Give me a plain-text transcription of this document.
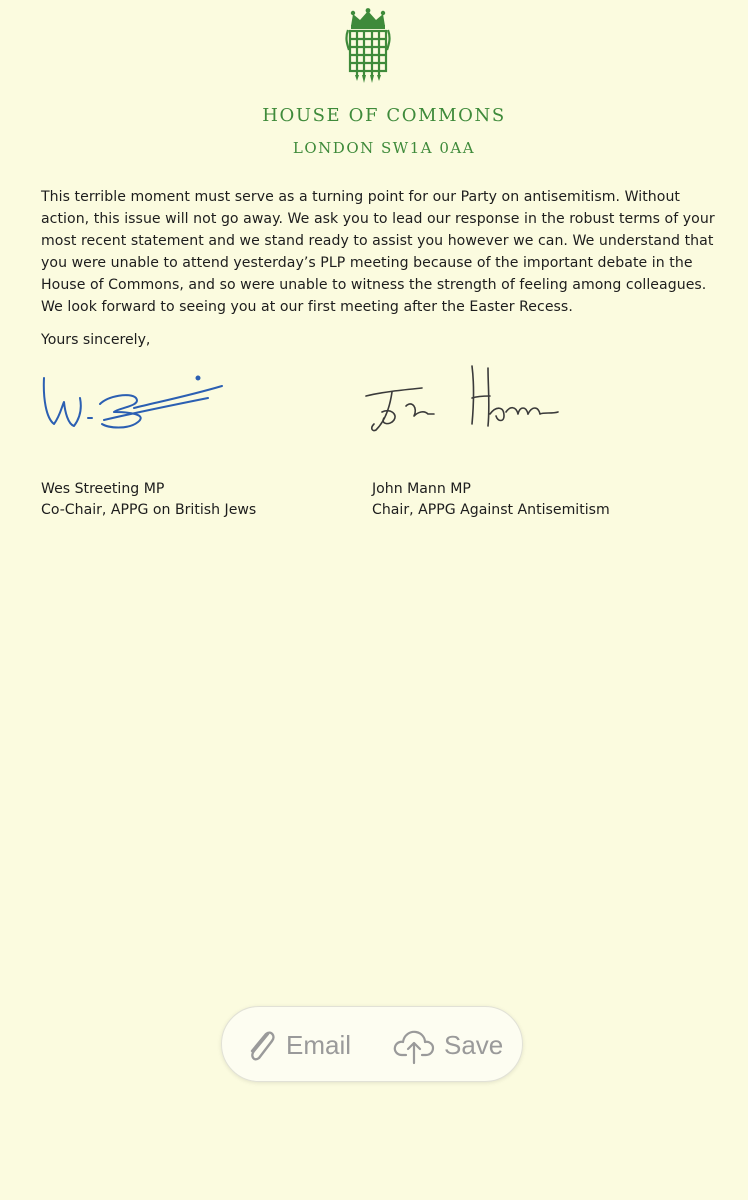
HOUSE OF COMMONS
LONDON SW1A 0AA

This terrible moment must serve as a turning point for our Party on antisemitism. Without action, this issue will not go away. We ask you to lead our response in the robust terms of your most recent statement and we stand ready to assist you however we can. We understand that you were unable to attend yesterday’s PLP meeting because of the important debate in the House of Commons, and so were unable to witness the strength of feeling among colleagues. We look forward to seeing you at our first meeting after the Easter Recess.

Yours sincerely,
Wes Streeting MP
Co-Chair, APPG on British Jews
John Mann MP
Chair, APPG Against Antisemitism
Email	Save
